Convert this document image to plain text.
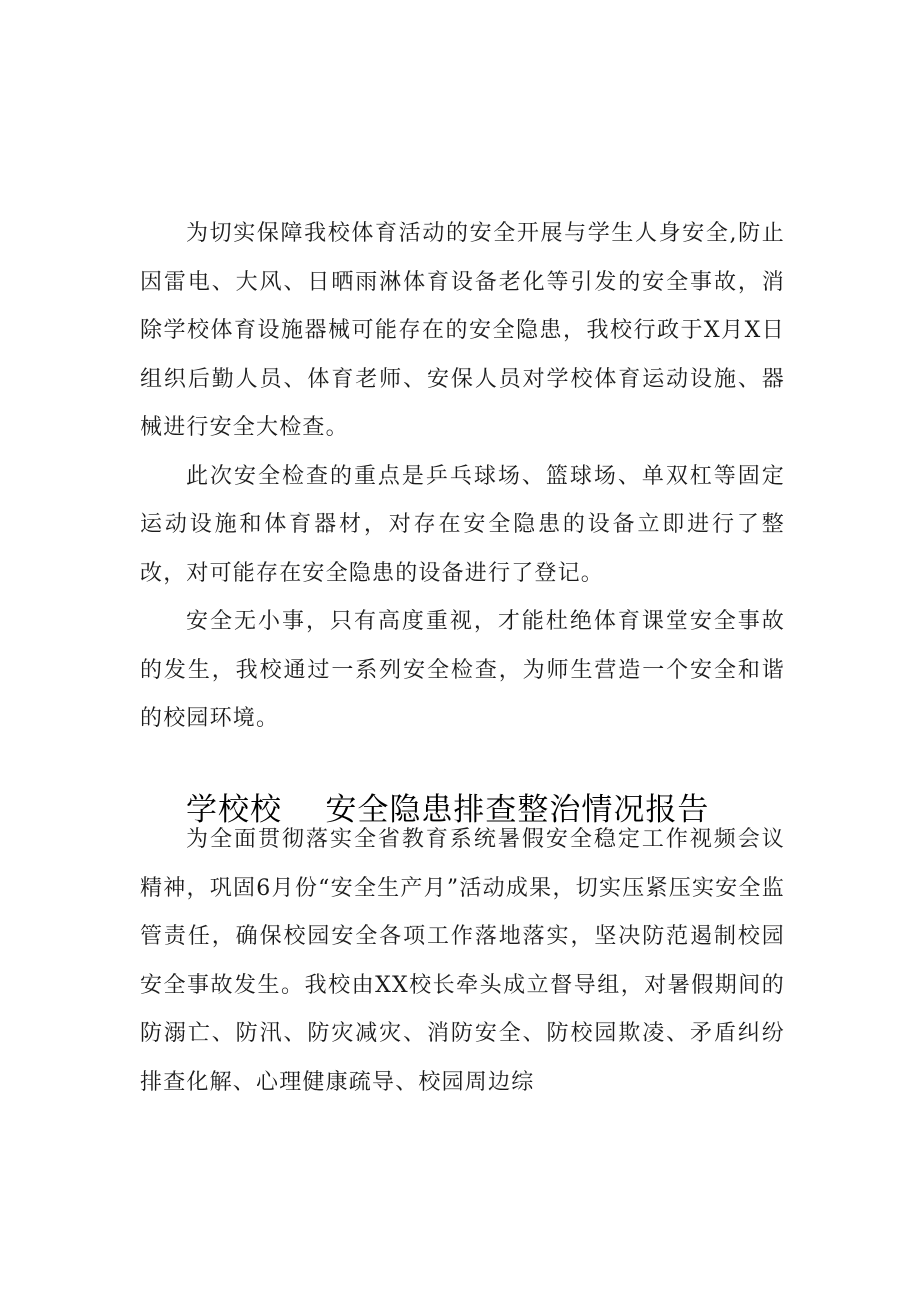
为切实保障我校体育活动的安全开展与学生人身安全,防止因雷电、大风、日晒雨淋体育设备老化等引发的安全事故，消除学校体育设施器械可能存在的安全隐患，我校行政于X月X日组织后勤人员、体育老师、安保人员对学校体育运动设施、器械进行安全大检查。

此次安全检查的重点是乒乓球场、篮球场、单双杠等固定运动设施和体育器材，对存在安全隐患的设备立即进行了整改，对可能存在安全隐患的设备进行了登记。

安全无小事，只有高度重视，才能杜绝体育课堂安全事故的发生，我校通过一系列安全检查，为师生营造一个安全和谐的校园环境。

学校校    安全隐患排查整治情况报告

为全面贯彻落实全省教育系统暑假安全稳定工作视频会议精神，巩固6月份“安全生产月”活动成果，切实压紧压实安全监管责任，确保校园安全各项工作落地落实，坚决防范遏制校园安全事故发生。我校由XX校长牵头成立督导组，对暑假期间的防溺亡、防汛、防灾减灾、消防安全、防校园欺凌、矛盾纠纷排查化解、心理健康疏导、校园周边综
